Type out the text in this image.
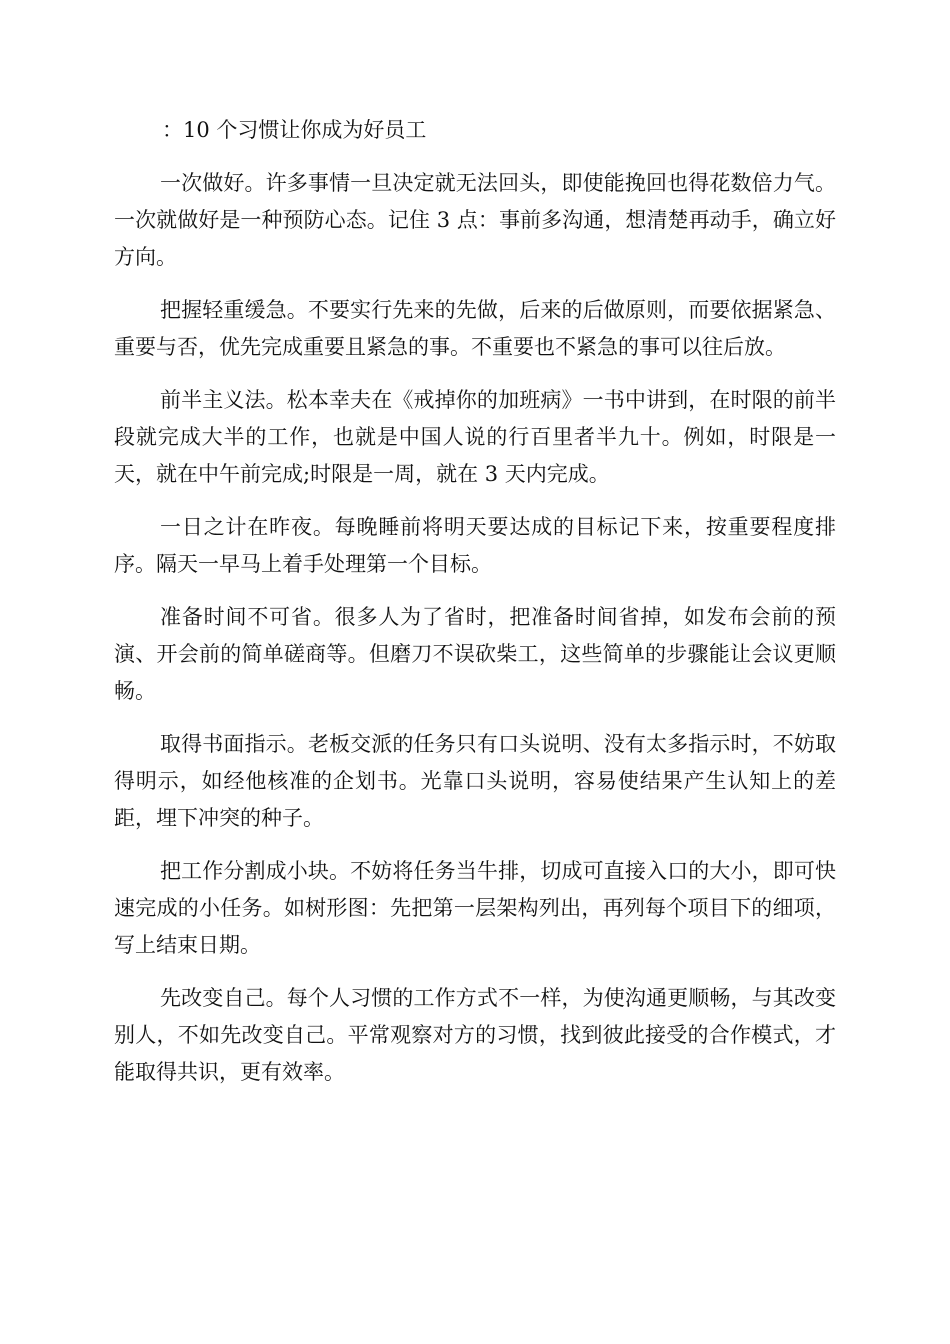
：10 个习惯让你成为好员工

一次做好。许多事情一旦决定就无法回头，即使能挽回也得花数倍力气。一次就做好是一种预防心态。记住 3 点：事前多沟通，想清楚再动手，确立好方向。

把握轻重缓急。不要实行先来的先做，后来的后做原则，而要依据紧急、重要与否，优先完成重要且紧急的事。不重要也不紧急的事可以往后放。

前半主义法。松本幸夫在《戒掉你的加班病》一书中讲到，在时限的前半段就完成大半的工作，也就是中国人说的行百里者半九十。例如，时限是一天，就在中午前完成;时限是一周，就在 3 天内完成。

一日之计在昨夜。每晚睡前将明天要达成的目标记下来，按重要程度排序。隔天一早马上着手处理第一个目标。

准备时间不可省。很多人为了省时，把准备时间省掉，如发布会前的预演、开会前的简单磋商等。但磨刀不误砍柴工，这些简单的步骤能让会议更顺畅。

取得书面指示。老板交派的任务只有口头说明、没有太多指示时，不妨取得明示，如经他核准的企划书。光靠口头说明，容易使结果产生认知上的差距，埋下冲突的种子。

把工作分割成小块。不妨将任务当牛排，切成可直接入口的大小，即可快速完成的小任务。如树形图：先把第一层架构列出，再列每个项目下的细项，写上结束日期。

先改变自己。每个人习惯的工作方式不一样，为使沟通更顺畅，与其改变别人，不如先改变自己。平常观察对方的习惯，找到彼此接受的合作模式，才能取得共识，更有效率。
